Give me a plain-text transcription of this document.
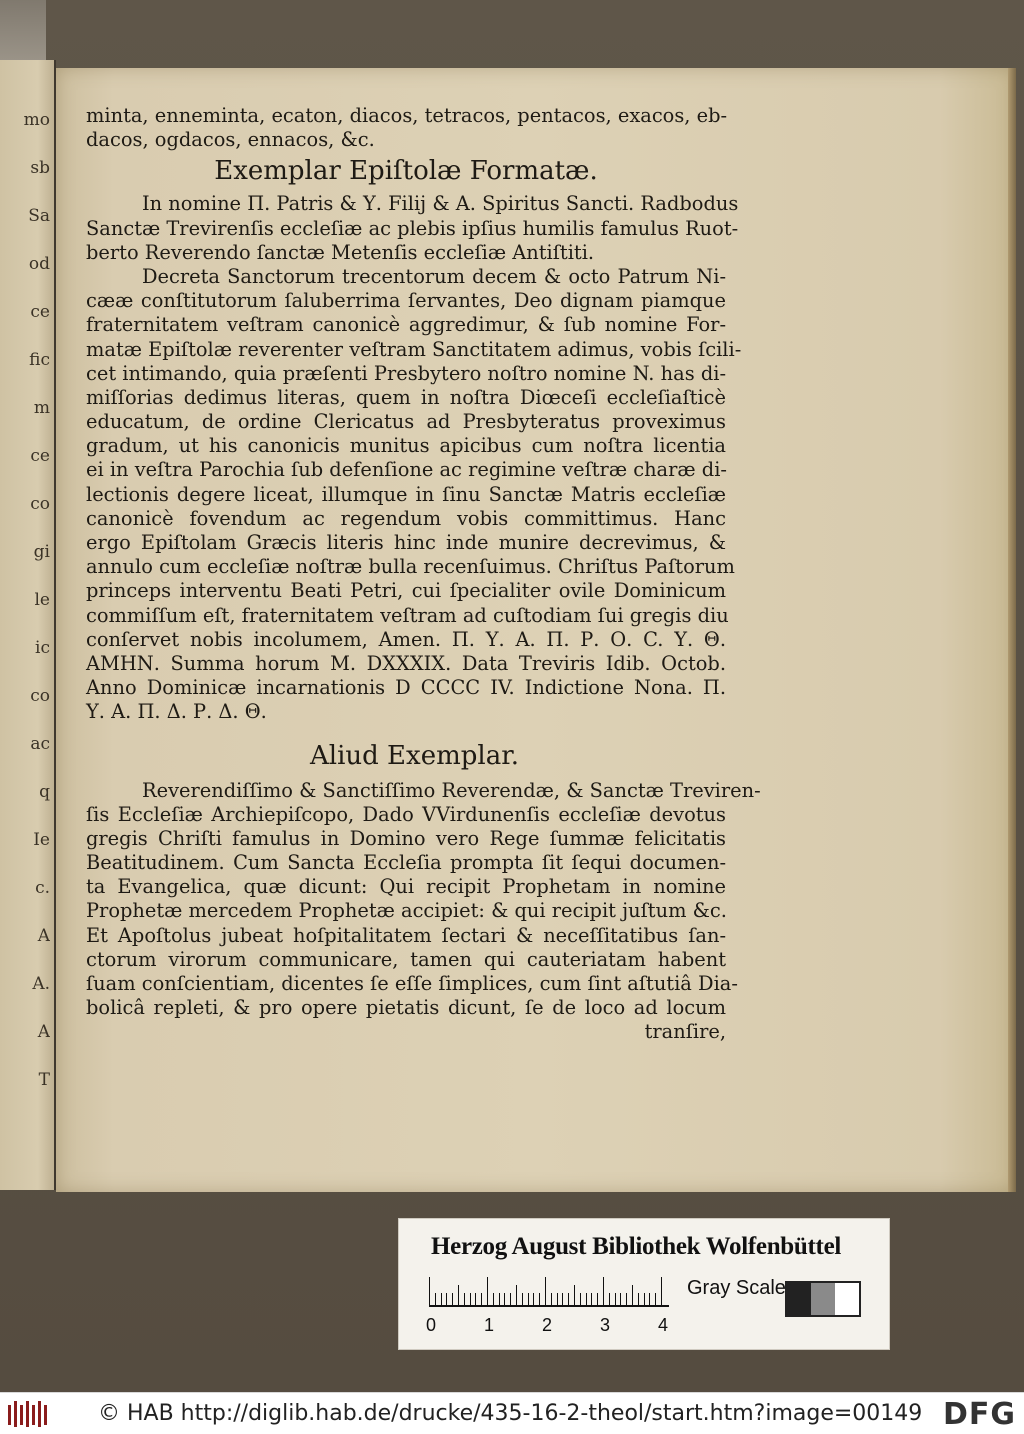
mo
sb
Sa
od
ce
fic
m
ce
co
gi
le
ic
co
ac
q
Ie
c.
A
A.
A
T
minta, enneminta, ecaton, diacos, tetracos, pentacos, exacos, eb-
dacos, ogdacos, ennacos, &c.
Exemplar Epiſtolæ Formatæ.
In nomine Π. Patris & Υ. Filij & Α. Spiritus Sancti. Radbodus
Sanctæ Trevirenſis eccleſiæ ac plebis ipſius humilis famulus Ruot-
berto Reverendo ſanctæ Metenſis eccleſiæ Antiſtiti.
Decreta Sanctorum trecentorum decem & octo Patrum Ni-
cææ conſtitutorum ſaluberrima ſervantes, Deo dignam piamque
fraternitatem veſtram canonicè aggredimur, & ſub nomine For-
matæ Epiſtolæ reverenter veſtram Sanctitatem adimus, vobis ſcili-
cet intimando, quia præſenti Presbytero noſtro nomine N. has di-
miſſorias dedimus literas, quem in noſtra Diœceſi eccleſiaſticè
educatum, de ordine Clericatus ad Presbyteratus proveximus
gradum, ut his canonicis munitus apicibus cum noſtra licentia
ei in veſtra Parochia ſub defenſione ac regimine veſtræ charæ di-
lectionis degere liceat, illumque in ſinu Sanctæ Matris eccleſiæ
canonicè fovendum ac regendum vobis committimus. Hanc
ergo Epiſtolam Græcis literis hinc inde munire decrevimus, &
annulo cum eccleſiæ noſtræ bulla recenſuimus. Chriſtus Paſtorum
princeps interventu Beati Petri, cui ſpecialiter ovile Dominicum
commiſſum eſt, fraternitatem veſtram ad cuſtodiam ſui gregis diu
conſervet nobis incolumem, Amen. Π. Υ. Α. Π. Ρ. Ο. C. Υ. Θ.
ΑΜΗΝ. Summa horum M. DXXXIX. Data Treviris Idib. Octob.
Anno Dominicæ incarnationis D CCCC IV. Indictione Nona. Π.
Υ. Α. Π. Δ. Ρ. Δ. Θ.
Aliud Exemplar.
Reverendiſſimo & Sanctiſſimo Reverendæ, & Sanctæ Treviren-
ſis Eccleſiæ Archiepiſcopo, Dado VVirdunenſis eccleſiæ devotus
gregis Chriſti famulus in Domino vero Rege ſummæ felicitatis
Beatitudinem. Cum Sancta Eccleſia prompta ſit ſequi documen-
ta Evangelica, quæ dicunt: Qui recipit Prophetam in nomine
Prophetæ mercedem Prophetæ accipiet: & qui recipit juſtum &c.
Et Apoſtolus jubeat hoſpitalitatem ſectari & neceſſitatibus ſan-
ctorum virorum communicare, tamen qui cauteriatam habent
ſuam conſcientiam, dicentes ſe eſſe ſimplices, cum ſint aſtutiâ Dia-
bolicâ repleti, & pro opere pietatis dicunt, ſe de loco ad locum
tranſire,
Herzog August Bibliothek Wolfenbüttel
0	1	2	3	4
Gray Scale
© HAB http://diglib.hab.de/drucke/435-16-2-theol/start.htm?image=00149 DFG
